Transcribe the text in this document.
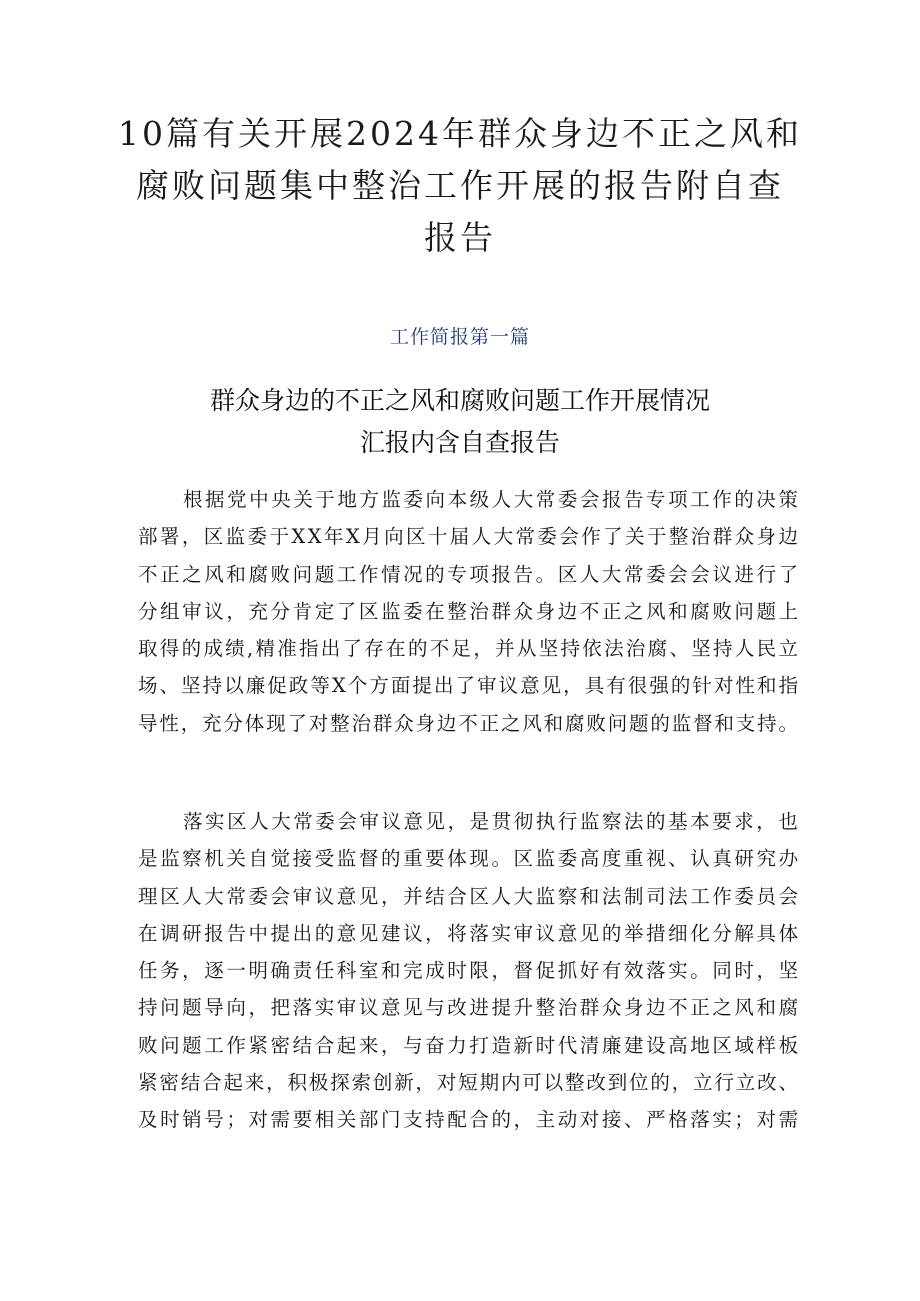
10篇有关开展2024年群众身边不正之风和
腐败问题集中整治工作开展的报告附自查
报告
工作简报第一篇
群众身边的不正之风和腐败问题工作开展情况
汇报内含自查报告
根据党中央关于地方监委向本级人大常委会报告专项工作的决策
部署，区监委于XX年X月向区十届人大常委会作了关于整治群众身边
不正之风和腐败问题工作情况的专项报告。区人大常委会会议进行了
分组审议，充分肯定了区监委在整治群众身边不正之风和腐败问题上
取得的成绩,精准指出了存在的不足，并从坚持依法治腐、坚持人民立
场、坚持以廉促政等X个方面提出了审议意见，具有很强的针对性和指
导性，充分体现了对整治群众身边不正之风和腐败问题的监督和支持。
落实区人大常委会审议意见，是贯彻执行监察法的基本要求，也
是监察机关自觉接受监督的重要体现。区监委高度重视、认真研究办
理区人大常委会审议意见，并结合区人大监察和法制司法工作委员会
在调研报告中提出的意见建议，将落实审议意见的举措细化分解具体
任务，逐一明确责任科室和完成时限，督促抓好有效落实。同时，坚
持问题导向，把落实审议意见与改进提升整治群众身边不正之风和腐
败问题工作紧密结合起来，与奋力打造新时代清廉建设高地区域样板
紧密结合起来，积极探索创新，对短期内可以整改到位的，立行立改、
及时销号；对需要相关部门支持配合的，主动对接、严格落实；对需
